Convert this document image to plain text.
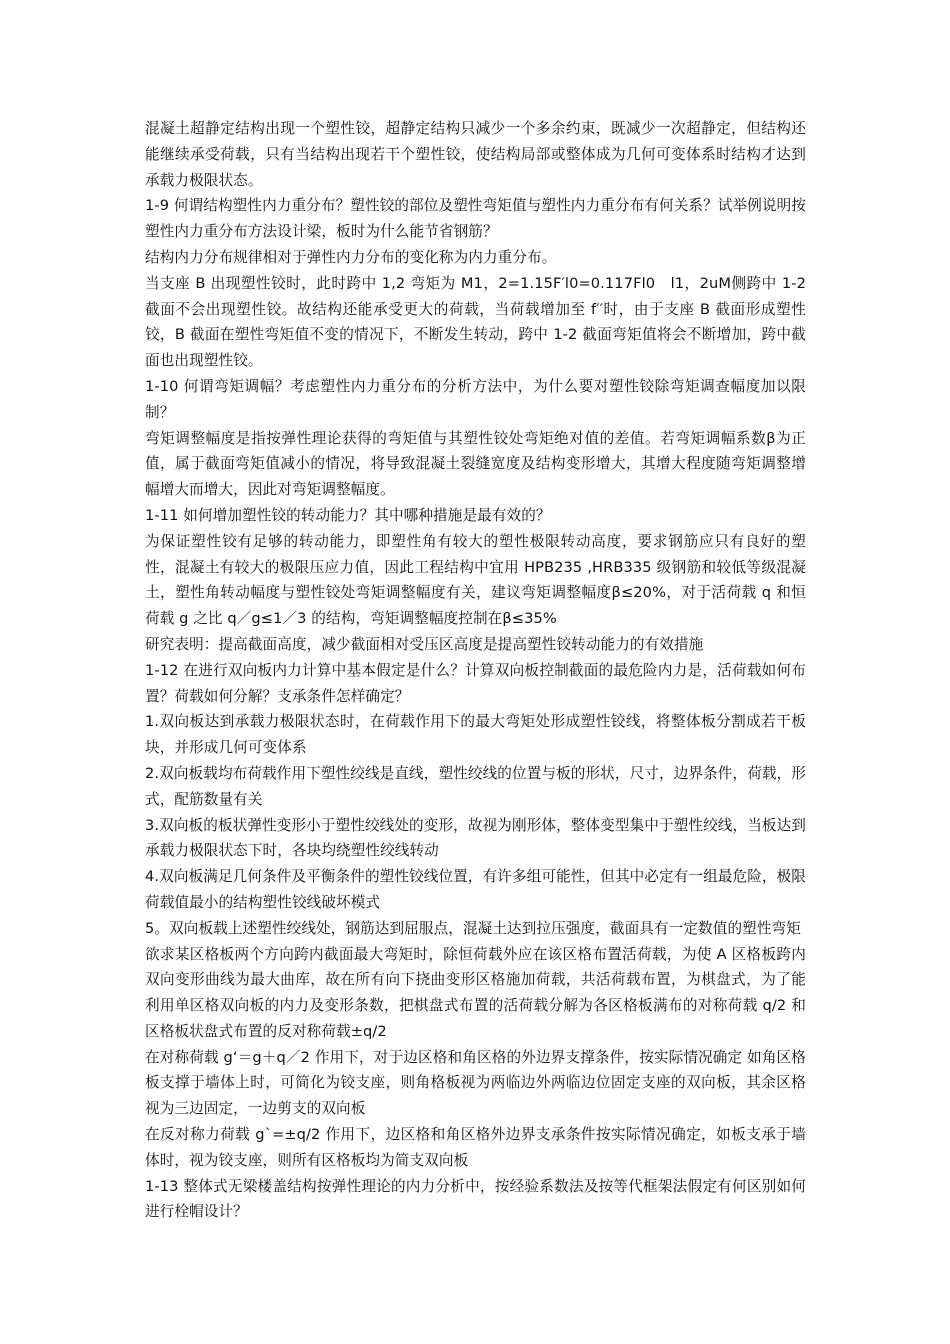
混凝土超静定结构出现一个塑性铰，超静定结构只减少一个多余约束，既减少一次超静定，但结构还能继续承受荷载，只有当结构出现若干个塑性铰，使结构局部或整体成为几何可变体系时结构才达到承载力极限状态。

1-9 何谓结构塑性内力重分布？塑性铰的部位及塑性弯矩值与塑性内力重分布有何关系？试举例说明按塑性内力重分布方法设计梁，板时为什么能节省钢筋？

结构内力分布规律相对于弹性内力分布的变化称为内力重分布。

当支座 B 出现塑性铰时，此时跨中 1,2 弯矩为 M1，2=1.15F′l0=0.117Fl0　l1，2uM侧跨中 1-2 截面不会出现塑性铰。故结构还能承受更大的荷载，当荷载增加至 f′′时，由于支座 B 截面形成塑性铰，B 截面在塑性弯矩值不变的情况下，不断发生转动，跨中 1-2 截面弯矩值将会不断增加，跨中截面也出现塑性铰。

1-10 何谓弯矩调幅？考虑塑性内力重分布的分析方法中，为什么要对塑性铰除弯矩调查幅度加以限制？

弯矩调整幅度是指按弹性理论获得的弯矩值与其塑性铰处弯矩绝对值的差值。若弯矩调幅系数β为正值，属于截面弯矩值减小的情况，将导致混凝土裂缝宽度及结构变形增大，其增大程度随弯矩调整增幅增大而增大，因此对弯矩调整幅度。

1-11 如何增加塑性铰的转动能力？其中哪种措施是最有效的？

为保证塑性铰有足够的转动能力，即塑性角有较大的塑性极限转动高度，要求钢筋应只有良好的塑性，混凝土有较大的极限压应力值，因此工程结构中宜用 HPB235 ,HRB335 级钢筋和较低等级混凝土，塑性角转动幅度与塑性铰处弯矩调整幅度有关，建议弯矩调整幅度β≤20%，对于活荷载 q 和恒荷载 g 之比 q／g≤1／3 的结构，弯矩调整幅度控制在β≤35%

研究表明：提高截面高度，减少截面相对受压区高度是提高塑性铰转动能力的有效措施

1-12 在进行双向板内力计算中基本假定是什么？计算双向板控制截面的最危险内力是，活荷载如何布置？荷载如何分解？支承条件怎样确定？

1.双向板达到承载力极限状态时，在荷载作用下的最大弯矩处形成塑性铰线，将整体板分割成若干板块，并形成几何可变体系

2.双向板载均布荷载作用下塑性绞线是直线，塑性绞线的位置与板的形状，尺寸，边界条件，荷载，形式，配筋数量有关

3.双向板的板状弹性变形小于塑性绞线处的变形，故视为刚形体，整体变型集中于塑性绞线，当板达到承载力极限状态下时，各块均绕塑性绞线转动

4.双向板满足几何条件及平衡条件的塑性铰线位置，有许多组可能性，但其中必定有一组最危险，极限荷载值最小的结构塑性铰线破坏模式

5。双向板载上述塑性绞线处，钢筋达到屈服点，混凝土达到拉压强度，截面具有一定数值的塑性弯矩

欲求某区格板两个方向跨内截面最大弯矩时，除恒荷载外应在该区格布置活荷载，为使 A 区格板跨内双向变形曲线为最大曲库，故在所有向下挠曲变形区格施加荷载，共活荷载布置，为棋盘式，为了能利用单区格双向板的内力及变形条数，把棋盘式布置的活荷载分解为各区格板满布的对称荷载 q/2 和区格板状盘式布置的反对称荷载±q/2

在对称荷载 g‘＝g＋q／2 作用下，对于边区格和角区格的外边界支撑条件，按实际情况确定 如角区格板支撑于墙体上时，可简化为铰支座，则角格板视为两临边外两临边位固定支座的双向板，其余区格视为三边固定，一边剪支的双向板

在反对称力荷载 g`=±q/2 作用下，边区格和角区格外边界支承条件按实际情况确定，如板支承于墙体时，视为铰支座，则所有区格板均为简支双向板

1-13 整体式无梁楼盖结构按弹性理论的内力分析中，按经验系数法及按等代框架法假定有何区别如何进行栓帽设计？
